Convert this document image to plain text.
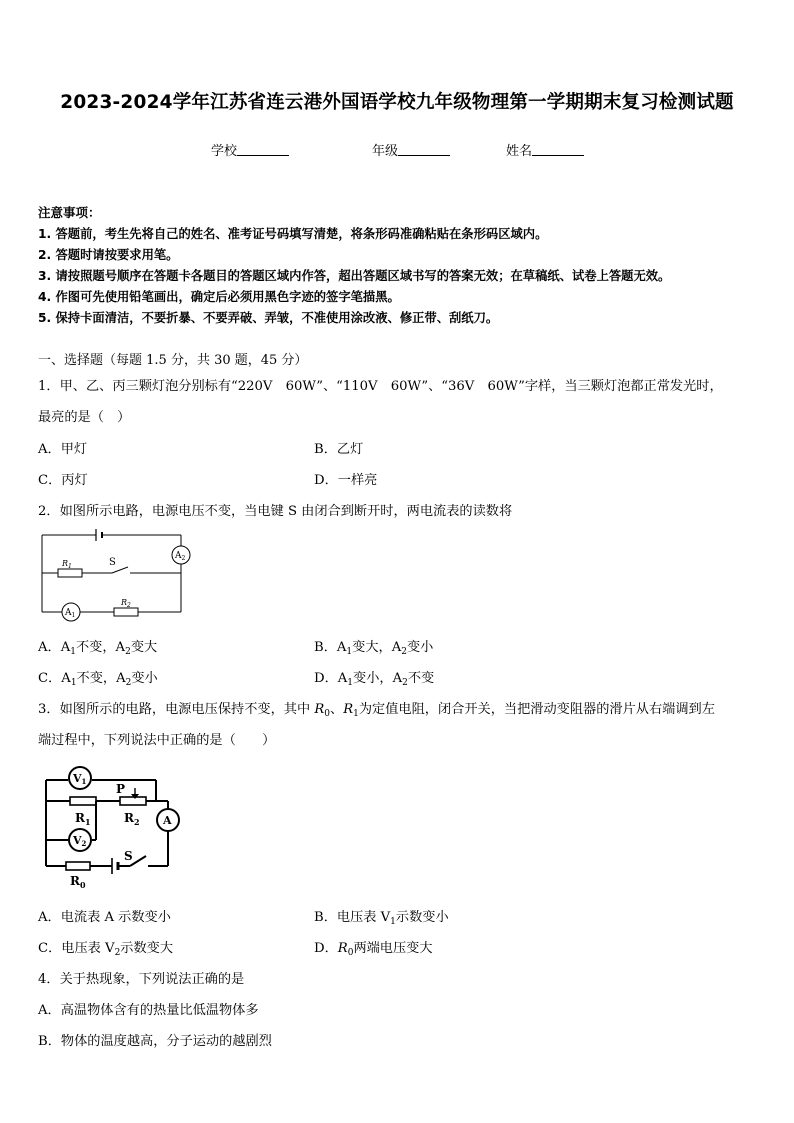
2023-2024学年江苏省连云港外国语学校九年级物理第一学期期末复习检测试题
学校	年级	姓名
注意事项：
1. 答题前，考生先将自己的姓名、准考证号码填写清楚，将条形码准确粘贴在条形码区域内。
2. 答题时请按要求用笔。
3. 请按照题号顺序在答题卡各题目的答题区域内作答，超出答题区域书写的答案无效；在草稿纸、试卷上答题无效。
4. 作图可先使用铅笔画出，确定后必须用黑色字迹的签字笔描黑。
5. 保持卡面清洁，不要折暴、不要弄破、弄皱，不准使用涂改液、修正带、刮纸刀。
一、选择题（每题 1.5 分，共 30 题，45 分）
1．甲、乙、丙三颗灯泡分别标有“220V　60W”、“110V　60W”、“36V　60W”字样，当三颗灯泡都正常发光时，
最亮的是（　）
A．甲灯	B．乙灯
C．丙灯	D．一样亮
2．如图所示电路，电源电压不变，当电键 S 由闭合到断开时，两电流表的读数将
$R_1$	S
$R_2$
$A_2$
$A_1$
A．$A_1$不变，$A_2$变大	B．$A_1$变大，$A_2$变小
C．$A_1$不变，$A_2$变小	D．$A_1$变小，$A_2$不变
3．如图所示的电路，电源电压保持不变，其中 $R_0$、$R_1$为定值电阻，闭合开关，当把滑动变阻器的滑片从右端调到左
端过程中，下列说法中正确的是（　　）
V1
P
$R_1$	$R_2$ A
V2
S
$R_0$
A．电流表 A 示数变小	B．电压表 $V_1$示数变小
C．电压表 $V_2$示数变大	D．$R_0$两端电压变大
4．关于热现象，下列说法正确的是
A．高温物体含有的热量比低温物体多
B．物体的温度越高，分子运动的越剧烈
